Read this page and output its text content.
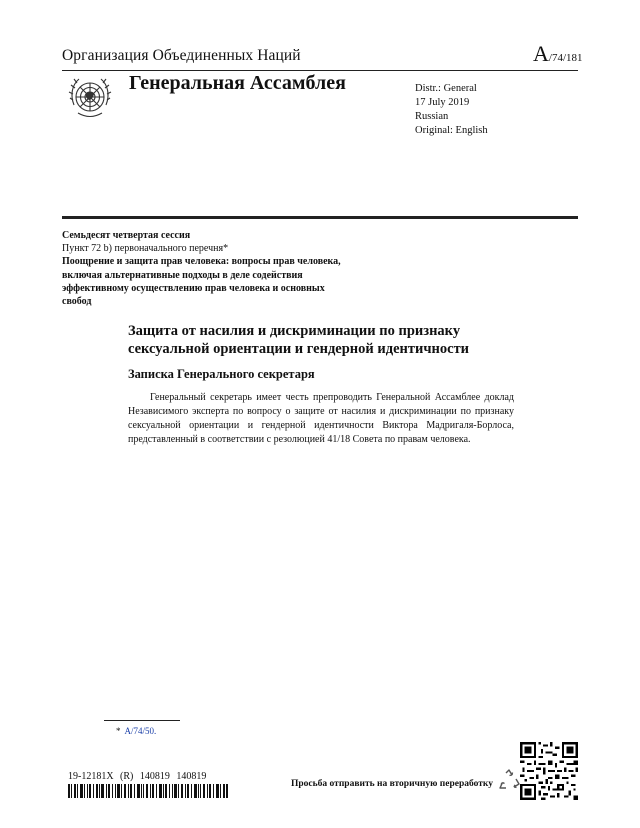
Организация Объединенных Наций	A/74/181
Генеральная Ассамблея	Distr.: General
17 July 2019
Russian
Original: English
Семьдесят четвертая сессия
Пункт 72 b) первоначального перечня*
Поощрение и защита прав человека: вопросы прав человека, включая альтернативные подходы в деле содействия эффективному осуществлению прав человека и основных свобод
Защита от насилия и дискриминации по признаку сексуальной ориентации и гендерной идентичности
Записка Генерального секретаря
Генеральный секретарь имеет честь препроводить Генеральной Ассамблее доклад Независимого эксперта по вопросу о защите от насилия и дискриминации по признаку сексуальной ориентации и гендерной идентичности Виктора Мадригаля-Борлоса, представленный в соответствии с резолюцией 41/18 Совета по правам человека.
* A/74/50.
19-12181X (R) 140819 140819
Просьба отправить на вторичную переработку
